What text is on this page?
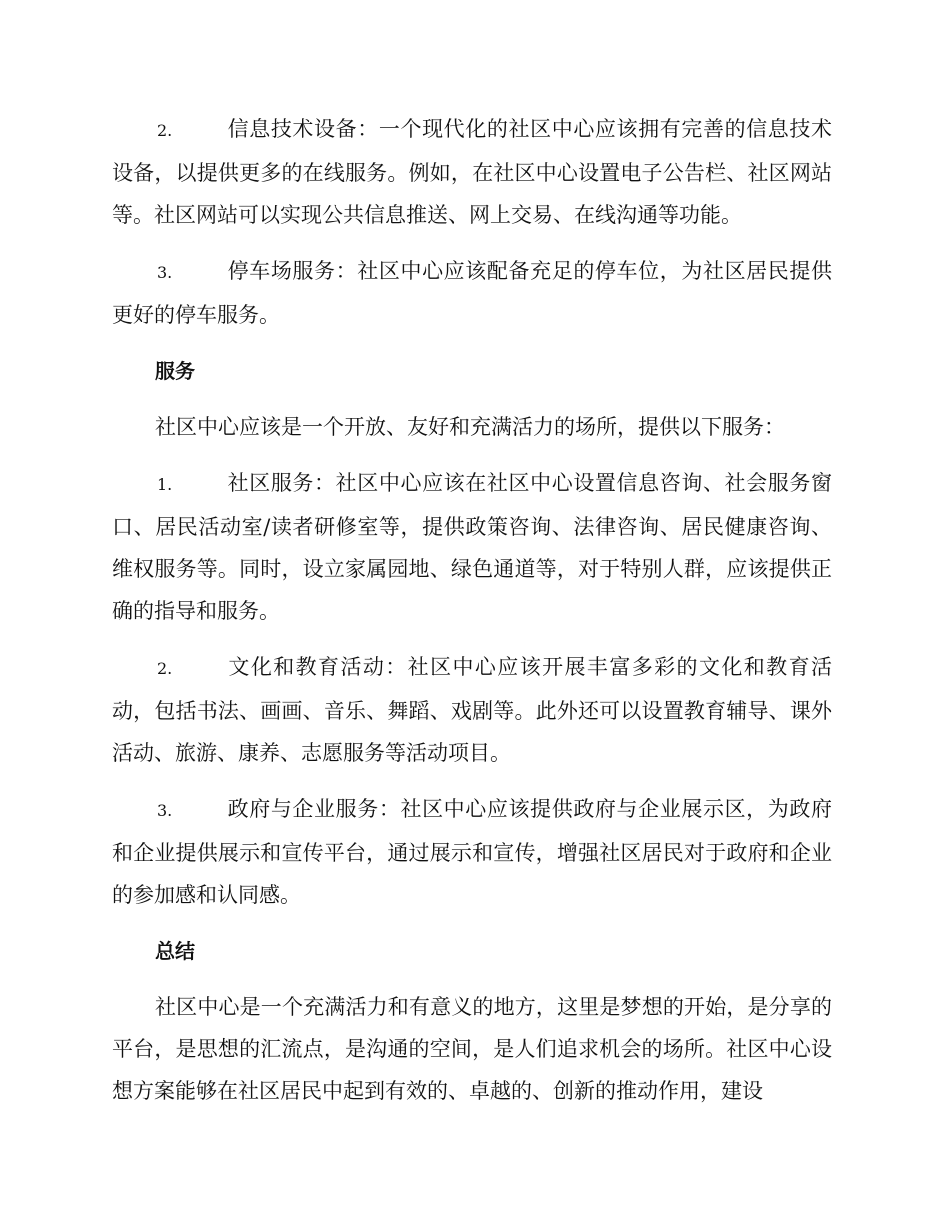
2.	信息技术设备：一个现代化的社区中心应该拥有完善的信息技术设备，以提供更多的在线服务。例如，在社区中心设置电子公告栏、社区网站等。社区网站可以实现公共信息推送、网上交易、在线沟通等功能。

3.	停车场服务：社区中心应该配备充足的停车位，为社区居民提供更好的停车服务。

服务

社区中心应该是一个开放、友好和充满活力的场所，提供以下服务：

1.	社区服务：社区中心应该在社区中心设置信息咨询、社会服务窗口、居民活动室/读者研修室等，提供政策咨询、法律咨询、居民健康咨询、维权服务等。同时，设立家属园地、绿色通道等，对于特别人群，应该提供正确的指导和服务。

2.	文化和教育活动：社区中心应该开展丰富多彩的文化和教育活动，包括书法、画画、音乐、舞蹈、戏剧等。此外还可以设置教育辅导、课外活动、旅游、康养、志愿服务等活动项目。

3.	政府与企业服务：社区中心应该提供政府与企业展示区，为政府和企业提供展示和宣传平台，通过展示和宣传，增强社区居民对于政府和企业的参加感和认同感。

总结

社区中心是一个充满活力和有意义的地方，这里是梦想的开始，是分享的平台，是思想的汇流点，是沟通的空间，是人们追求机会的场所。社区中心设想方案能够在社区居民中起到有效的、卓越的、创新的推动作用，建设
